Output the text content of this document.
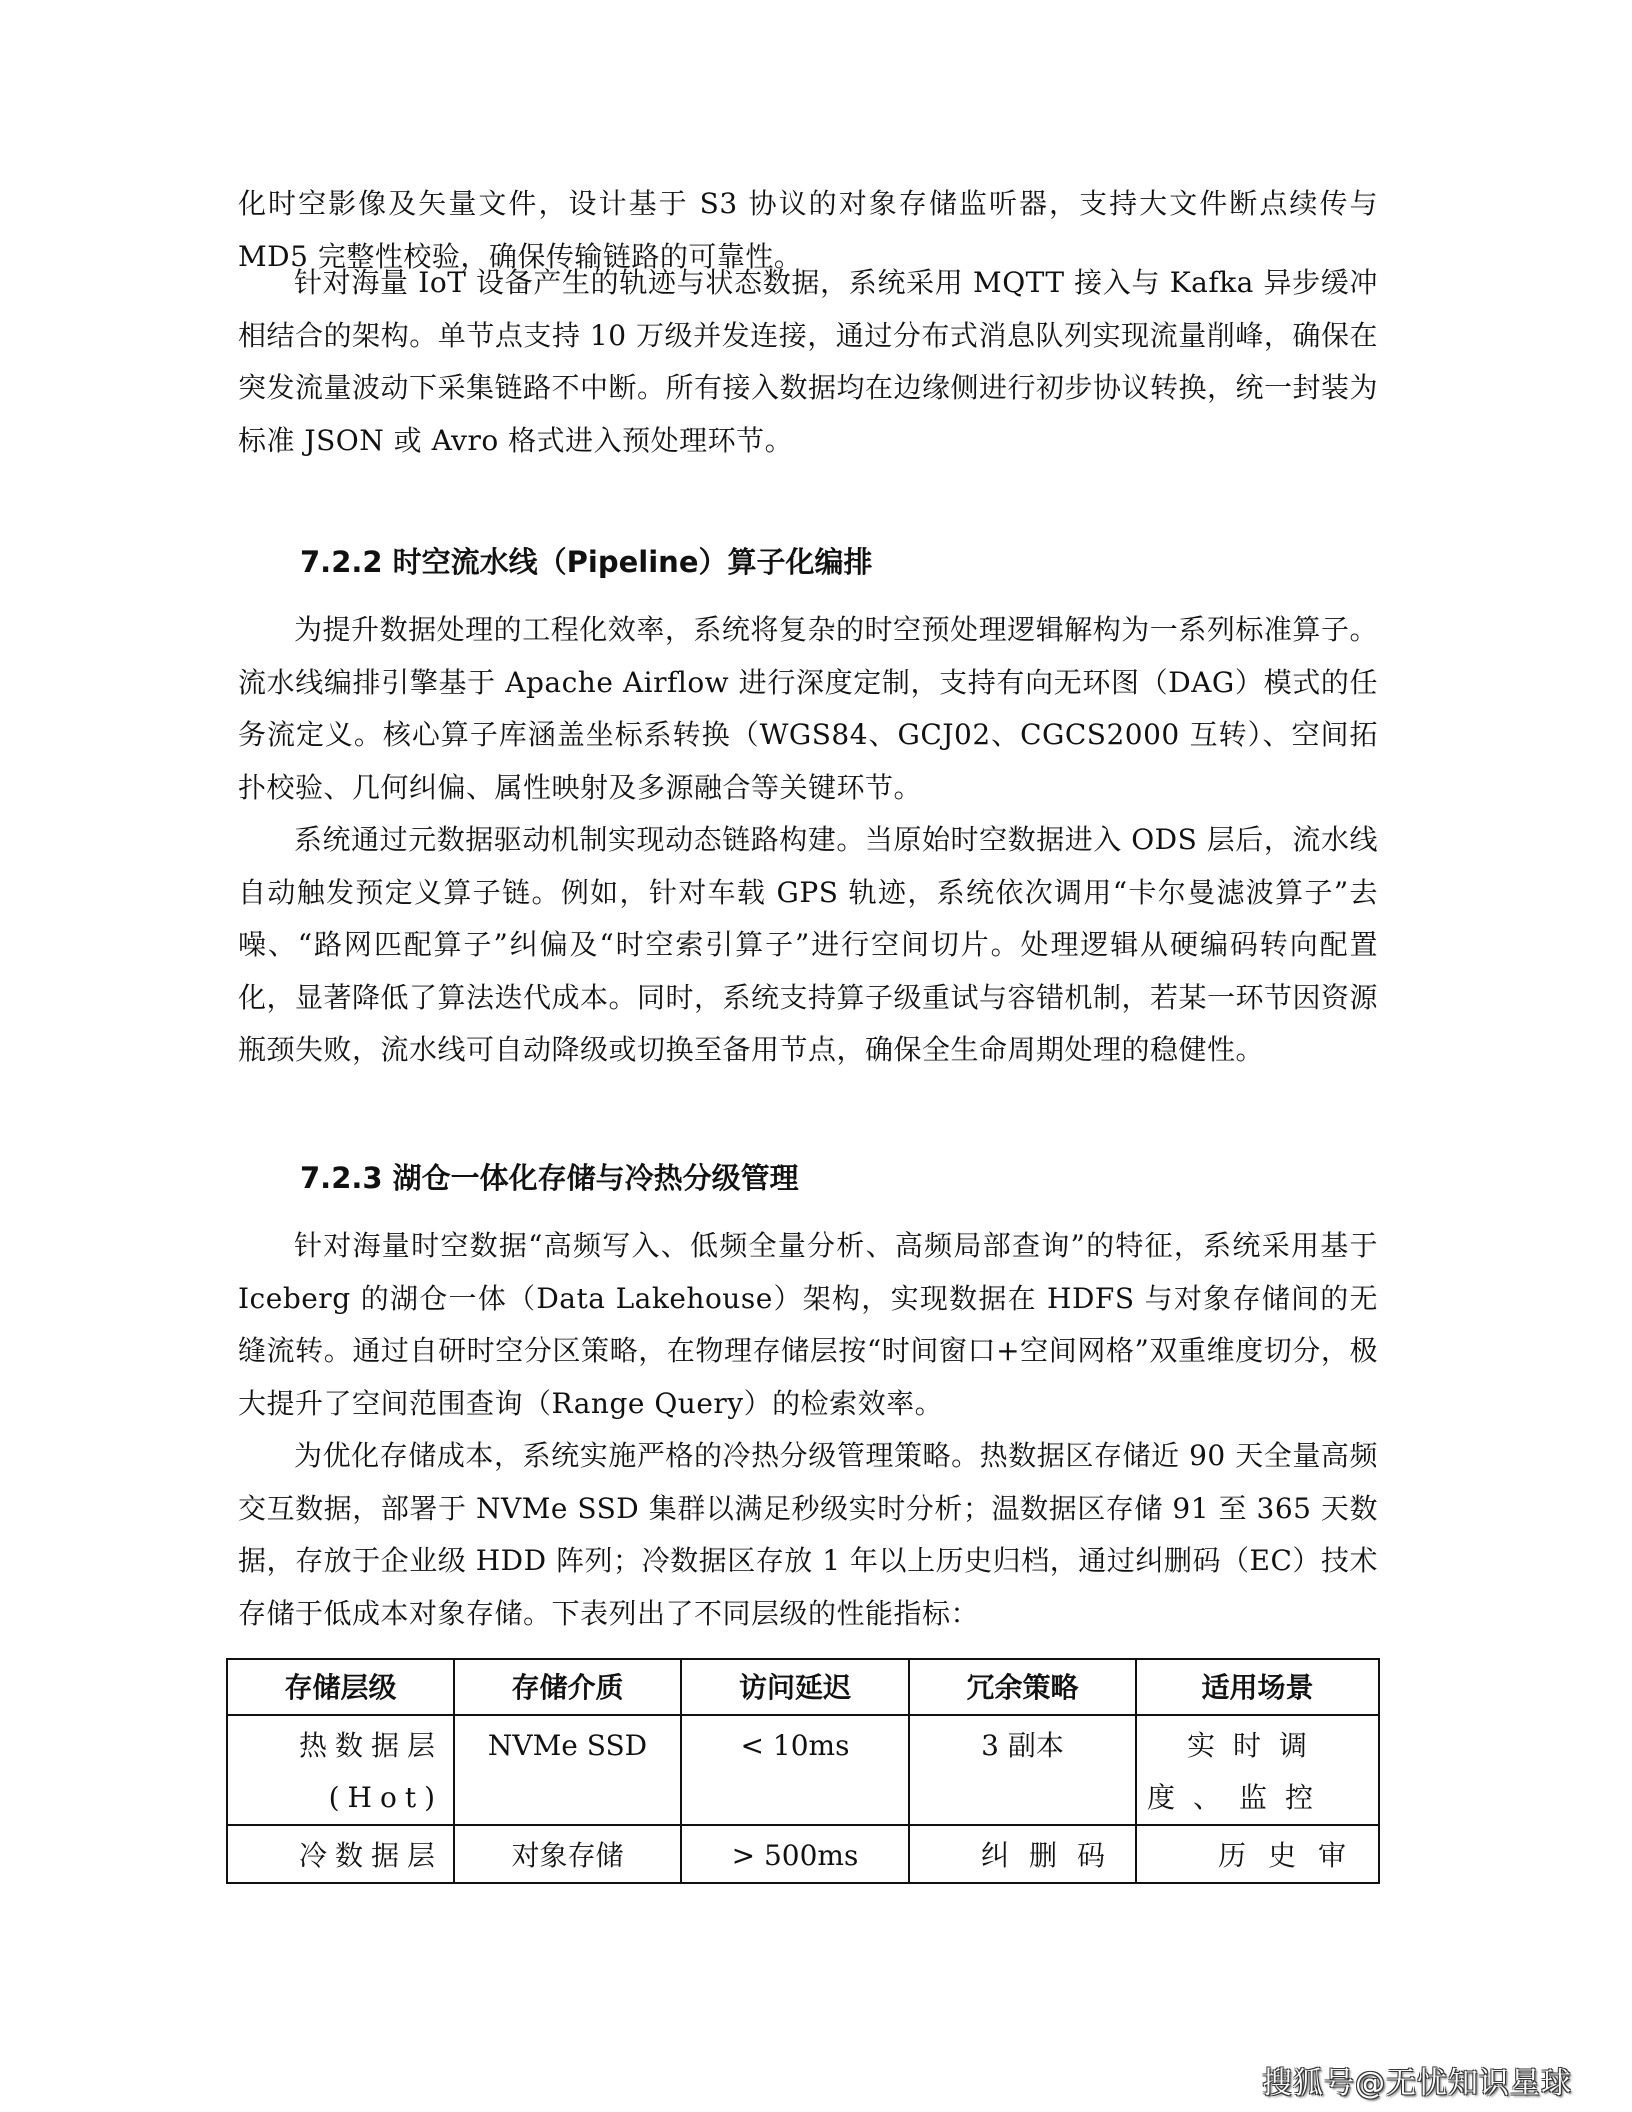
化时空影像及矢量文件，设计基于 S3 协议的对象存储监听器，支持大文件断点续传与 MD5 完整性校验，确保传输链路的可靠性。

针对海量 IoT 设备产生的轨迹与状态数据，系统采用 MQTT 接入与 Kafka 异步缓冲相结合的架构。单节点支持 10 万级并发连接，通过分布式消息队列实现流量削峰，确保在突发流量波动下采集链路不中断。所有接入数据均在边缘侧进行初步协议转换，统一封装为标准 JSON 或 Avro 格式进入预处理环节。

7.2.2 时空流水线（Pipeline）算子化编排

为提升数据处理的工程化效率，系统将复杂的时空预处理逻辑解构为一系列标准算子。流水线编排引擎基于 Apache Airflow 进行深度定制，支持有向无环图（DAG）模式的任务流定义。核心算子库涵盖坐标系转换（WGS84、GCJ02、CGCS2000 互转）、空间拓扑校验、几何纠偏、属性映射及多源融合等关键环节。

系统通过元数据驱动机制实现动态链路构建。当原始时空数据进入 ODS 层后，流水线自动触发预定义算子链。例如，针对车载 GPS 轨迹，系统依次调用“卡尔曼滤波算子”去噪、“路网匹配算子”纠偏及“时空索引算子”进行空间切片。处理逻辑从硬编码转向配置化，显著降低了算法迭代成本。同时，系统支持算子级重试与容错机制，若某一环节因资源瓶颈失败，流水线可自动降级或切换至备用节点，确保全生命周期处理的稳健性。

7.2.3 湖仓一体化存储与冷热分级管理

针对海量时空数据“高频写入、低频全量分析、高频局部查询”的特征，系统采用基于 Iceberg 的湖仓一体（Data Lakehouse）架构，实现数据在 HDFS 与对象存储间的无缝流转。通过自研时空分区策略，在物理存储层按“时间窗口+空间网格”双重维度切分，极大提升了空间范围查询（Range Query）的检索效率。

为优化存储成本，系统实施严格的冷热分级管理策略。热数据区存储近 90 天全量高频交互数据，部署于 NVMe SSD 集群以满足秒级实时分析；温数据区存储 91 至 365 天数据，存放于企业级 HDD 阵列；冷数据区存放 1 年以上历史归档，通过纠删码（EC）技术存储于低成本对象存储。下表列出了不同层级的性能指标：

存储层级	存储介质	访问延迟	冗余策略	适用场景

热数据层 (Hot)	NVMe SSD	< 10ms	3 副本	实时调度、监控
冷数据层	对象存储	> 500ms	纠删码	历史审
搜狐号@无忧知识星球
